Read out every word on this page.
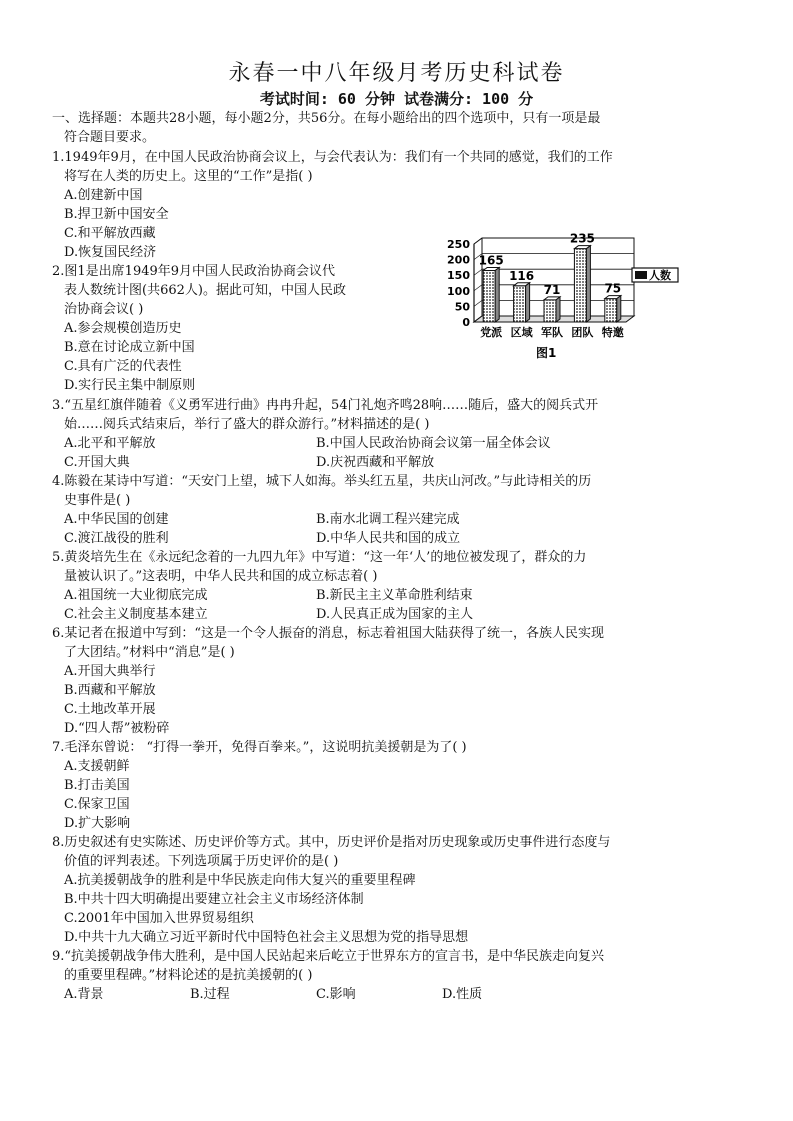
永春一中八年级月考历史科试卷
考试时间: 60 分钟 试卷满分: 100 分
一、选择题：本题共28小题，每小题2分，共56分。在每小题给出的四个选项中，只有一项是最
符合题目要求。
1.1949年9月，在中国人民政治协商会议上，与会代表认为：我们有一个共同的感觉，我们的工作
将写在人类的历史上。这里的“工作”是指( )
A.创建新中国
B.捍卫新中国安全
C.和平解放西藏
D.恢复国民经济
2.图1是出席1949年9月中国人民政治协商会议代
表人数统计图(共662人)。据此可知，中国人民政
治协商会议( )
A.参会规模创造历史
B.意在讨论成立新中国
C.具有广泛的代表性
D.实行民主集中制原则
250
200
150
100
50
0
165
党派
116
区域
71
军队
235
团队
75
特邀
人数
图1
3.“五星红旗伴随着《义勇军进行曲》冉冉升起，54门礼炮齐鸣28响……随后，盛大的阅兵式开
始……阅兵式结束后，举行了盛大的群众游行。”材料描述的是( )
A.北平和平解放	B.中国人民政治协商会议第一届全体会议
C.开国大典	D.庆祝西藏和平解放
4.陈毅在某诗中写道：“天安门上望，城下人如海。举头红五星，共庆山河改。”与此诗相关的历
史事件是( )
A.中华民国的创建	B.南水北调工程兴建完成
C.渡江战役的胜利	D.中华人民共和国的成立
5.黄炎培先生在《永远纪念着的一九四九年》中写道：“这一年‘人’的地位被发现了，群众的力
量被认识了。”这表明，中华人民共和国的成立标志着( )
A.祖国统一大业彻底完成	B.新民主主义革命胜利结束
C.社会主义制度基本建立	D.人民真正成为国家的主人
6.某记者在报道中写到：“这是一个令人振奋的消息，标志着祖国大陆获得了统一，各族人民实现
了大团结。”材料中“消息”是( )
A.开国大典举行
B.西藏和平解放
C.土地改革开展
D.“四人帮”被粉碎
7.毛泽东曾说： “打得一拳开，免得百拳来。”，这说明抗美援朝是为了( )
A.支援朝鲜
B.打击美国
C.保家卫国
D.扩大影响
8.历史叙述有史实陈述、历史评价等方式。其中，历史评价是指对历史现象或历史事件进行态度与
价值的评判表述。下列选项属于历史评价的是( )
A.抗美援朝战争的胜利是中华民族走向伟大复兴的重要里程碑
B.中共十四大明确提出要建立社会主义市场经济体制
C.2001年中国加入世界贸易组织
D.中共十九大确立习近平新时代中国特色社会主义思想为党的指导思想
9.“抗美援朝战争伟大胜利，是中国人民站起来后屹立于世界东方的宣言书，是中华民族走向复兴
的重要里程碑。”材料论述的是抗美援朝的( )
A.背景	B.过程	C.影响	D.性质
